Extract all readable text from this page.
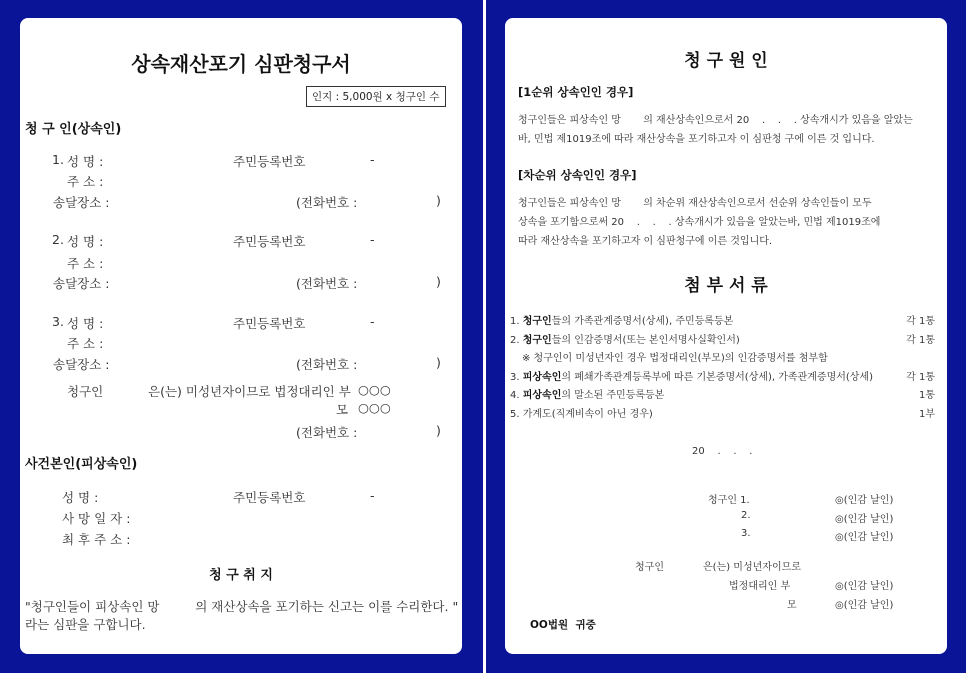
상속재산포기 심판청구서
인지 : 5,000원 x 청구인 수
청 구 인(상속인)
1. 성 명 :	주민등록번호	-
주 소 :
송달장소 :	(전화번호 :	)
2. 성 명 :	주민등록번호	-
주 소 :
송달장소 :	(전화번호 :	)
3. 성 명 :	주민등록번호	-
주 소 :
송달장소 :	(전화번호 :	)
청구인	은(는) 미성년자이므로 법정대리인 부 ○○○
모 ○○○
(전화번호 :	)
사건본인(피상속인)
성 명 :	주민등록번호	-
사 망 일 자 :
최 후 주 소 :
청 구 취 지
"청구인들이 피상속인 망         의 재산상속을 포기하는 신고는 이를 수리한다. "
라는 심판을 구합니다.
청 구 원 인
[1순위 상속인인 경우]
청구인들은 피상속인 망       의 재산상속인으로서 20    .    .    . 상속개시가 있음을 알았는
바, 민법 제1019조에 따라 재산상속을 포기하고자 이 심판청 구에 이른 것 입니다.
[차순위 상속인인 경우]
청구인들은 피상속인 망       의 차순위 재산상속인으로서 선순위 상속인들이 모두
상속을 포기함으로써 20    .    .    . 상속개시가 있음을 알았는바, 민법 제1019조에
따라 재산상속을 포기하고자 이 심판청구에 이른 것입니다.
첨 부 서 류
1. 청구인들의 가족관계증명서(상세), 주민등록등본	각 1통
2. 청구인들의 인감증명서(또는 본인서명사실확인서)	각 1통
※ 청구인이 미성년자인 경우 법정대리인(부모)의 인감증명서를 첨부함
3. 피상속인의 폐쇄가족관계등록부에 따른 기본증명서(상세), 가족관계증명서(상세)	각 1통
4. 피상속인의 말소된 주민등록등본	1통
5. 가계도(직계비속이 아닌 경우)	1부
20    .    .    .
청구인 1.	◎(인감 날인)
2.	◎(인감 날인)
3.	◎(인감 날인)
청구인	은(는) 미성년자이므로
법정대리인 부	◎(인감 날인)
모	◎(인감 날인)
OO법원  귀중
